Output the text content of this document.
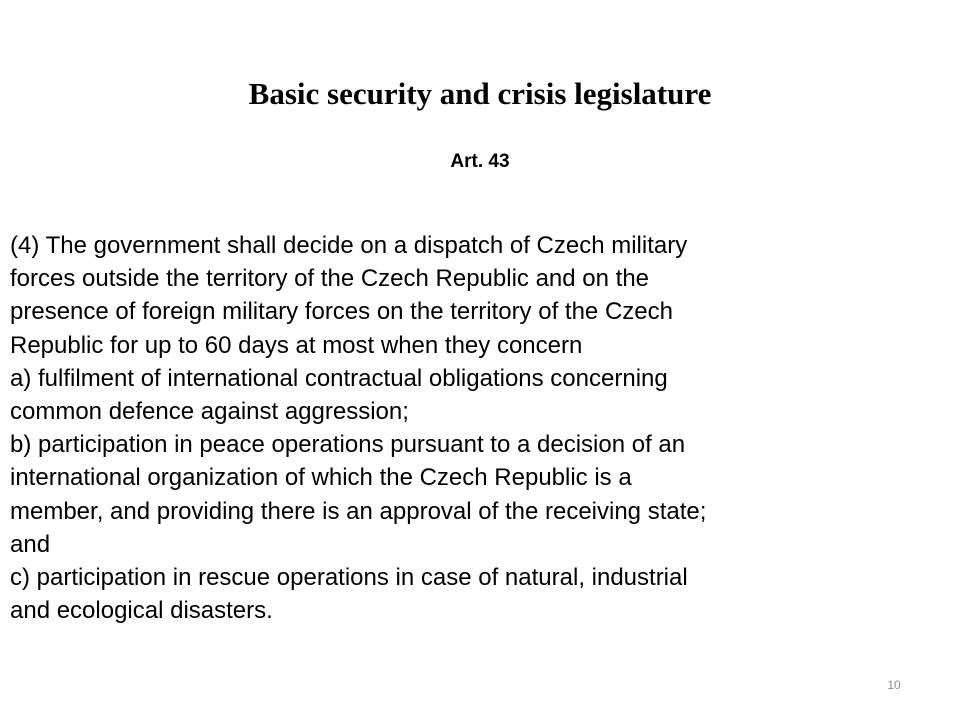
Basic security and crisis legislature
Art. 43
(4) The government shall decide on a dispatch of Czech military
forces outside the territory of the Czech Republic and on the
presence of foreign military forces on the territory of the Czech
Republic for up to 60 days at most when they concern
a) fulfilment of international contractual obligations concerning
common defence against aggression;
b) participation in peace operations pursuant to a decision of an
international organization of which the Czech Republic is a
member, and providing there is an approval of the receiving state;
and
c) participation in rescue operations in case of natural, industrial
and ecological disasters.
10
